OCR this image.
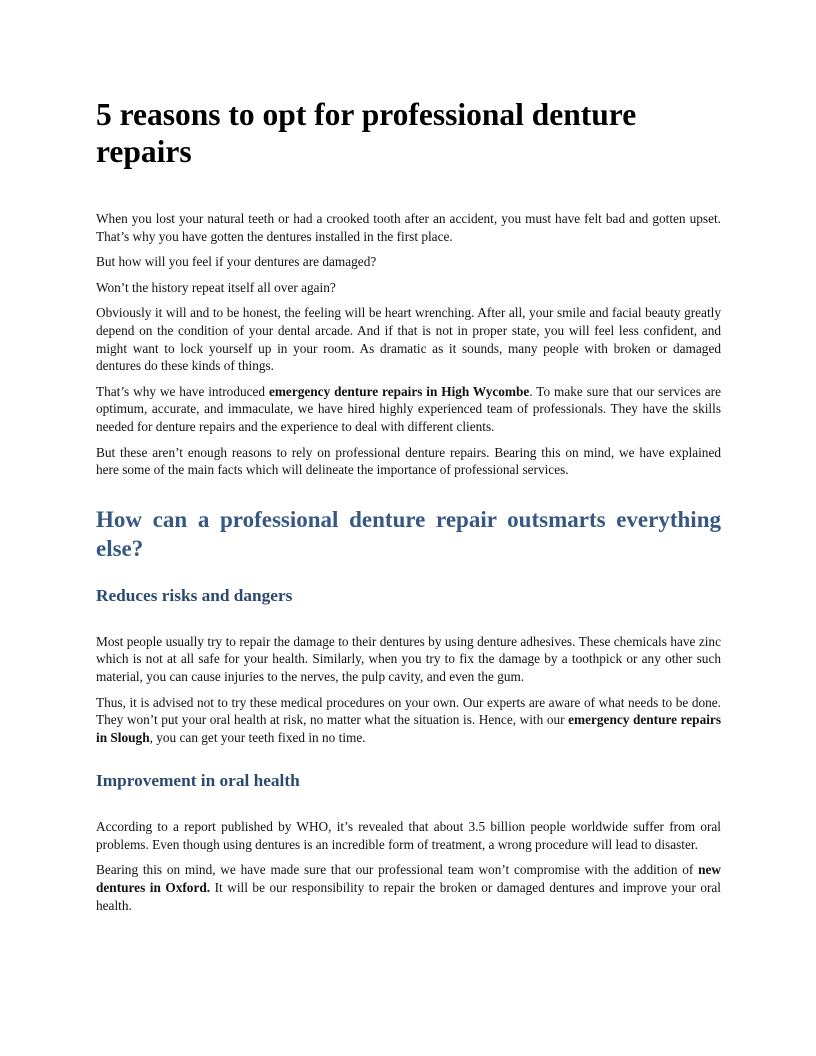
5 reasons to opt for professional denture repairs

When you lost your natural teeth or had a crooked tooth after an accident, you must have felt bad and gotten upset. That’s why you have gotten the dentures installed in the first place.

But how will you feel if your dentures are damaged?

Won’t the history repeat itself all over again?

Obviously it will and to be honest, the feeling will be heart wrenching. After all, your smile and facial beauty greatly depend on the condition of your dental arcade. And if that is not in proper state, you will feel less confident, and might want to lock yourself up in your room. As dramatic as it sounds, many people with broken or damaged dentures do these kinds of things.

That’s why we have introduced emergency denture repairs in High Wycombe. To make sure that our services are optimum, accurate, and immaculate, we have hired highly experienced team of professionals. They have the skills needed for denture repairs and the experience to deal with different clients.

But these aren’t enough reasons to rely on professional denture repairs. Bearing this on mind, we have explained here some of the main facts which will delineate the importance of professional services.

How can a professional denture repair outsmarts everything else?
Reduces risks and dangers

Most people usually try to repair the damage to their dentures by using denture adhesives. These chemicals have zinc which is not at all safe for your health. Similarly, when you try to fix the damage by a toothpick or any other such material, you can cause injuries to the nerves, the pulp cavity, and even the gum.

Thus, it is advised not to try these medical procedures on your own. Our experts are aware of what needs to be done. They won’t put your oral health at risk, no matter what the situation is. Hence, with our emergency denture repairs in Slough, you can get your teeth fixed in no time.

Improvement in oral health

According to a report published by WHO, it’s revealed that about 3.5 billion people worldwide suffer from oral problems. Even though using dentures is an incredible form of treatment, a wrong procedure will lead to disaster.

Bearing this on mind, we have made sure that our professional team won’t compromise with the addition of new dentures in Oxford. It will be our responsibility to repair the broken or damaged dentures and improve your oral health.
